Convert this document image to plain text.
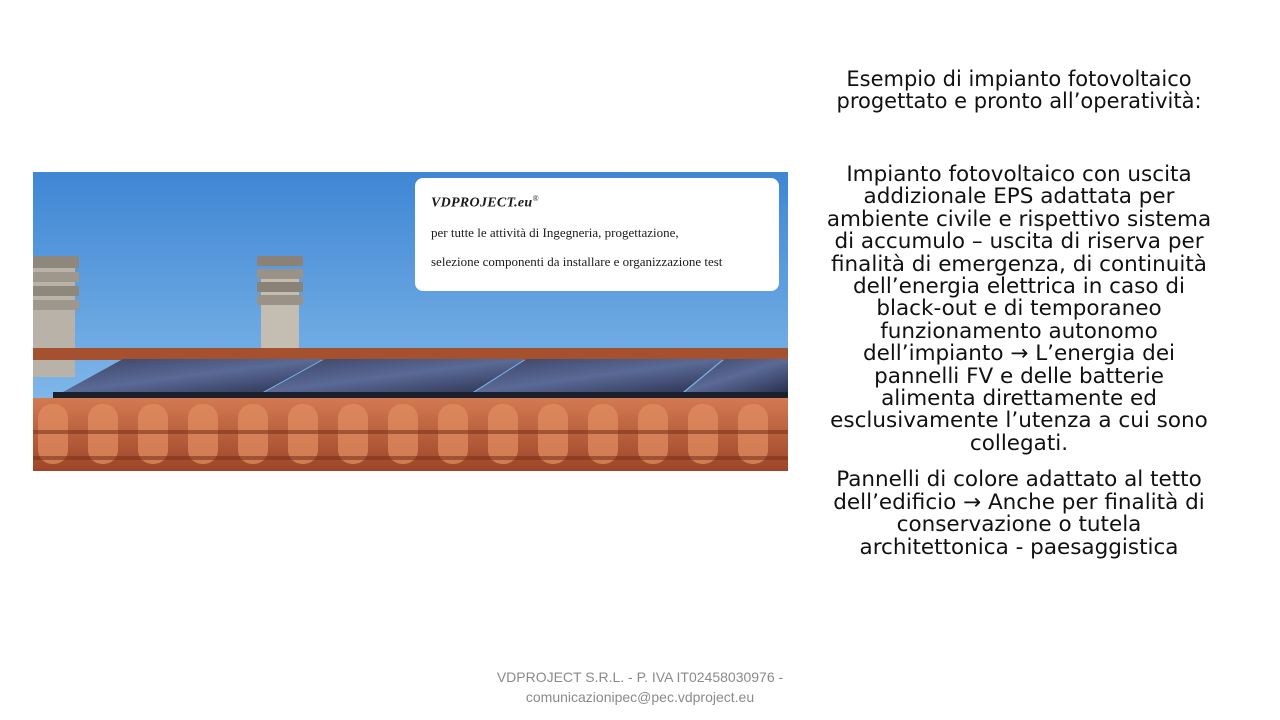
VDPROJECT.eu®
per tutte le attività di Ingegneria, progettazione,
selezione componenti da installare e organizzazione test

Esempio di impianto fotovoltaico progettato e pronto all’operatività:

Impianto fotovoltaico con uscita addizionale EPS adattata per ambiente civile e rispettivo sistema di accumulo – uscita di riserva per finalità di emergenza, di continuità dell’energia elettrica in caso di black-out e di temporaneo funzionamento autonomo dell’impianto → L’energia dei pannelli FV e delle batterie alimenta direttamente ed esclusivamente l’utenza a cui sono collegati.

Pannelli di colore adattato al tetto dell’edificio → Anche per finalità di conservazione o tutela architettonica - paesaggistica

VDPROJECT S.R.L. - P. IVA IT02458030976 -
comunicazionipec@pec.vdproject.eu
